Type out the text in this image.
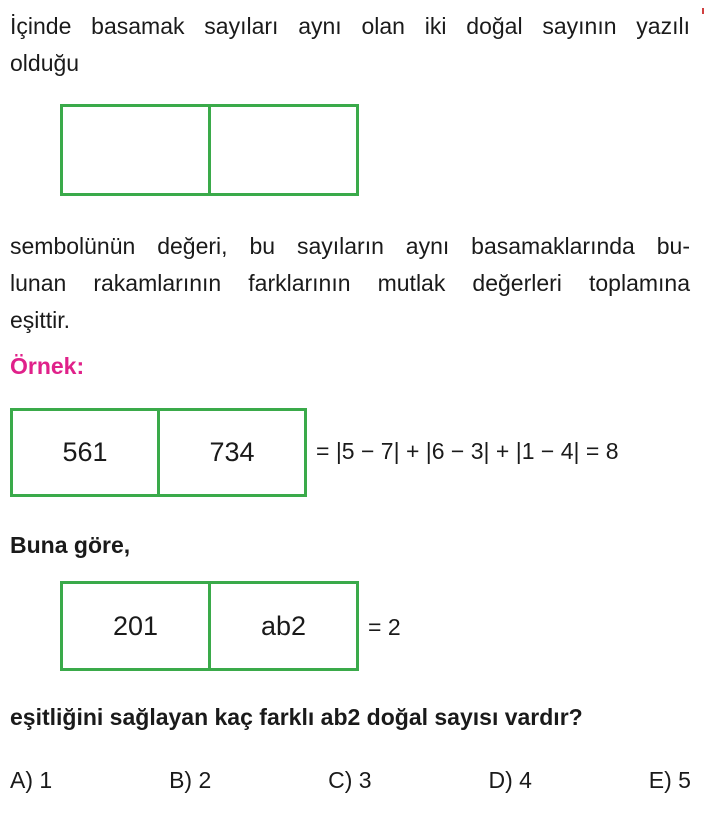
İçinde basamak sayıları aynı olan iki doğal sayının yazılı
olduğu

sembolünün değeri, bu sayıların aynı basamaklarında bu-
lunan rakamlarının farklarının mutlak değerleri toplamına
eşittir.

Örnek:

561	734	= |5 − 7| + |6 − 3| + |1 − 4| = 8

Buna göre,

201	ab2	= 2

eşitliğini sağlayan kaç farklı ab2 doğal sayısı vardır?

A) 1	B) 2	C) 3	D) 4	E) 5
